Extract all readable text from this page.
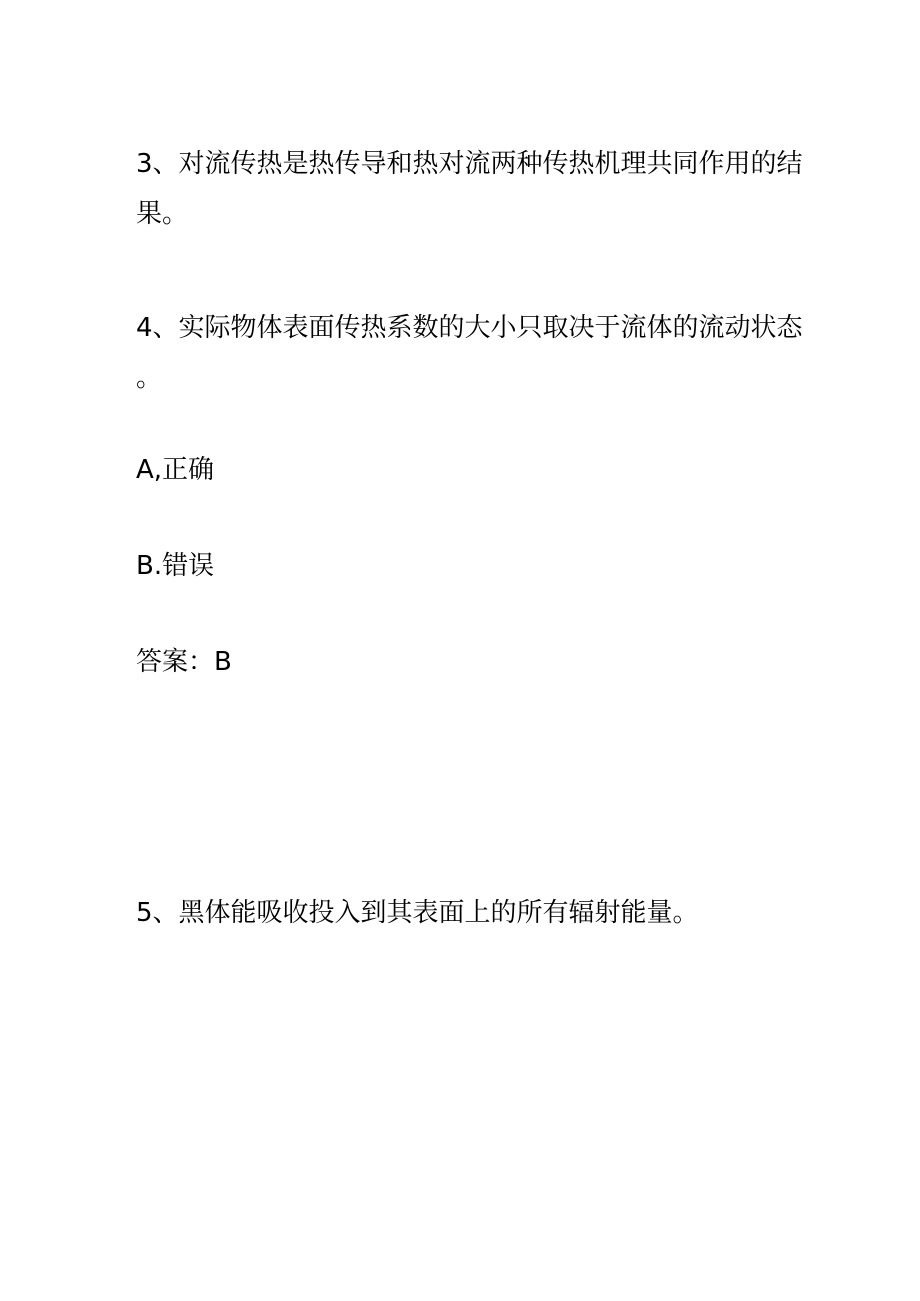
3、对流传热是热传导和热对流两种传热机理共同作用的结
果。
4、实际物体表面传热系数的大小只取决于流体的流动状态
。
A,正确
B.错误
答案：B
5、黑体能吸收投入到其表面上的所有辐射能量。
